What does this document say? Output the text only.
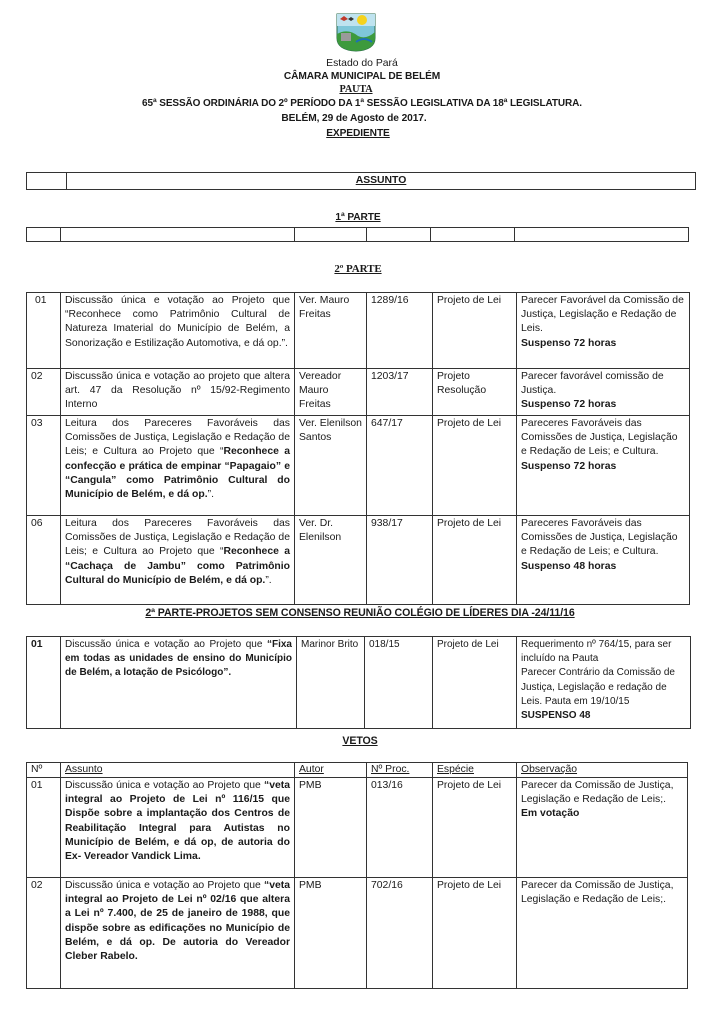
Estado do Pará
CÂMARA MUNICIPAL DE BELÉM
PAUTA
65ª SESSÃO ORDINÁRIA DO 2º PERÍODO DA 1ª SESSÃO LEGISLATIVA DA 18ª LEGISLATURA.
BELÉM, 29 de Agosto de 2017.
EXPEDIENTE
	ASSUNTO
1ª PARTE

2º PARTE
01	Discussão única e votação ao Projeto que “Reconhece como Patrimônio Cultural de Natureza Imaterial do Município de Belém, a Sonorização e Estilização Automotiva, e dá op.”.	Ver. Mauro Freitas	1289/16	Projeto de Lei	Parecer Favorável da Comissão de Justiça, Legislação e Redação de Leis.
Suspenso 72 horas
02	Discussão única e votação ao projeto que altera art. 47 da Resolução nº 15/92-Regimento Interno	Vereador Mauro Freitas	1203/17	Projeto Resolução	Parecer favorável comissão de Justiça.
Suspenso 72 horas
03	Leitura dos Pareceres Favoráveis das Comissões de Justiça, Legislação e Redação de Leis; e Cultura ao Projeto que “Reconhece a confecção e prática de empinar “Papagaio” e “Cangula” como Patrimônio Cultural do Município de Belém, e dá op.”.	Ver. Elenilson Santos	647/17	Projeto de Lei	Pareceres Favoráveis das Comissões de Justiça, Legislação e Redação de Leis; e Cultura.
Suspenso 72 horas
06	Leitura dos Pareceres Favoráveis das Comissões de Justiça, Legislação e Redação de Leis; e Cultura ao Projeto que “Reconhece a “Cachaça de Jambu” como Patrimônio Cultural do Município de Belém, e dá op.”.	Ver. Dr. Elenilson	938/17	Projeto de Lei	Pareceres Favoráveis das Comissões de Justiça, Legislação e Redação de Leis; e Cultura.
Suspenso 48 horas
2ª PARTE-PROJETOS SEM CONSENSO REUNIÃO COLÉGIO DE LÍDERES DIA -24/11/16
01	Discussão única e votação ao Projeto que “Fixa em todas as unidades de ensino do Município de Belém, a lotação de Psicólogo”.	Marinor Brito	018/15	Projeto de Lei	Requerimento nº 764/15, para ser incluído na Pauta
Parecer Contrário da Comissão de Justiça, Legislação e redação de Leis. Pauta em 19/10/15
SUSPENSO 48
VETOS
Nº	Assunto	Autor	Nº Proc.	Espécie	Observação
01	Discussão única e votação ao Projeto que “veta integral ao Projeto de Lei nº 116/15 que Dispõe sobre a implantação dos Centros de Reabilitação Integral para Autistas no Município de Belém, e dá op, de autoria do Ex- Vereador Vandick Lima.	PMB	013/16	Projeto de Lei	Parecer da Comissão de Justiça, Legislação e Redação de Leis;.
Em votação
02	Discussão única e votação ao Projeto que “veta integral ao Projeto de Lei nº 02/16 que altera a Lei nº 7.400, de 25 de janeiro de 1988, que dispõe sobre as edificações no Município de Belém, e dá op. De autoria do Vereador Cleber Rabelo.	PMB	702/16	Projeto de Lei	Parecer da Comissão de Justiça, Legislação e Redação de Leis;.
